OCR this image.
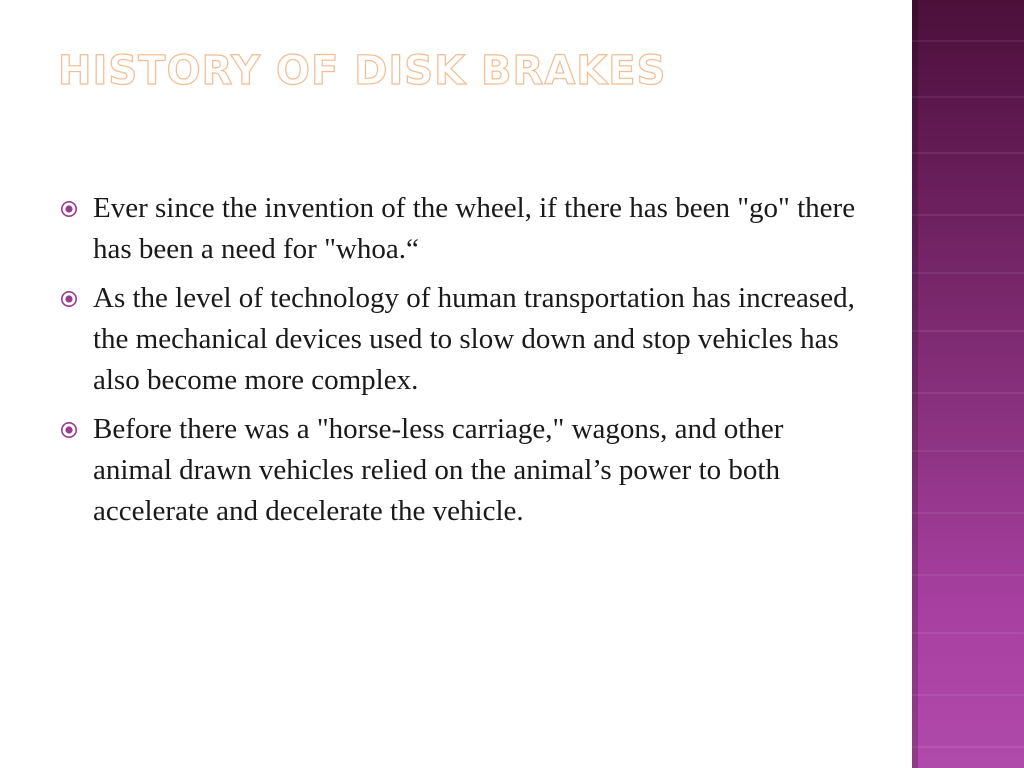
HISTORY OF DISK BRAKES
Ever since the invention of the wheel, if there has been "go" there has been a need for "whoa.“
As the level of technology of human transportation has increased, the mechanical devices used to slow down and stop vehicles has also become more complex.
Before there was a "horse-less carriage," wagons, and other animal drawn vehicles relied on the animal’s power to both accelerate and decelerate the vehicle.
